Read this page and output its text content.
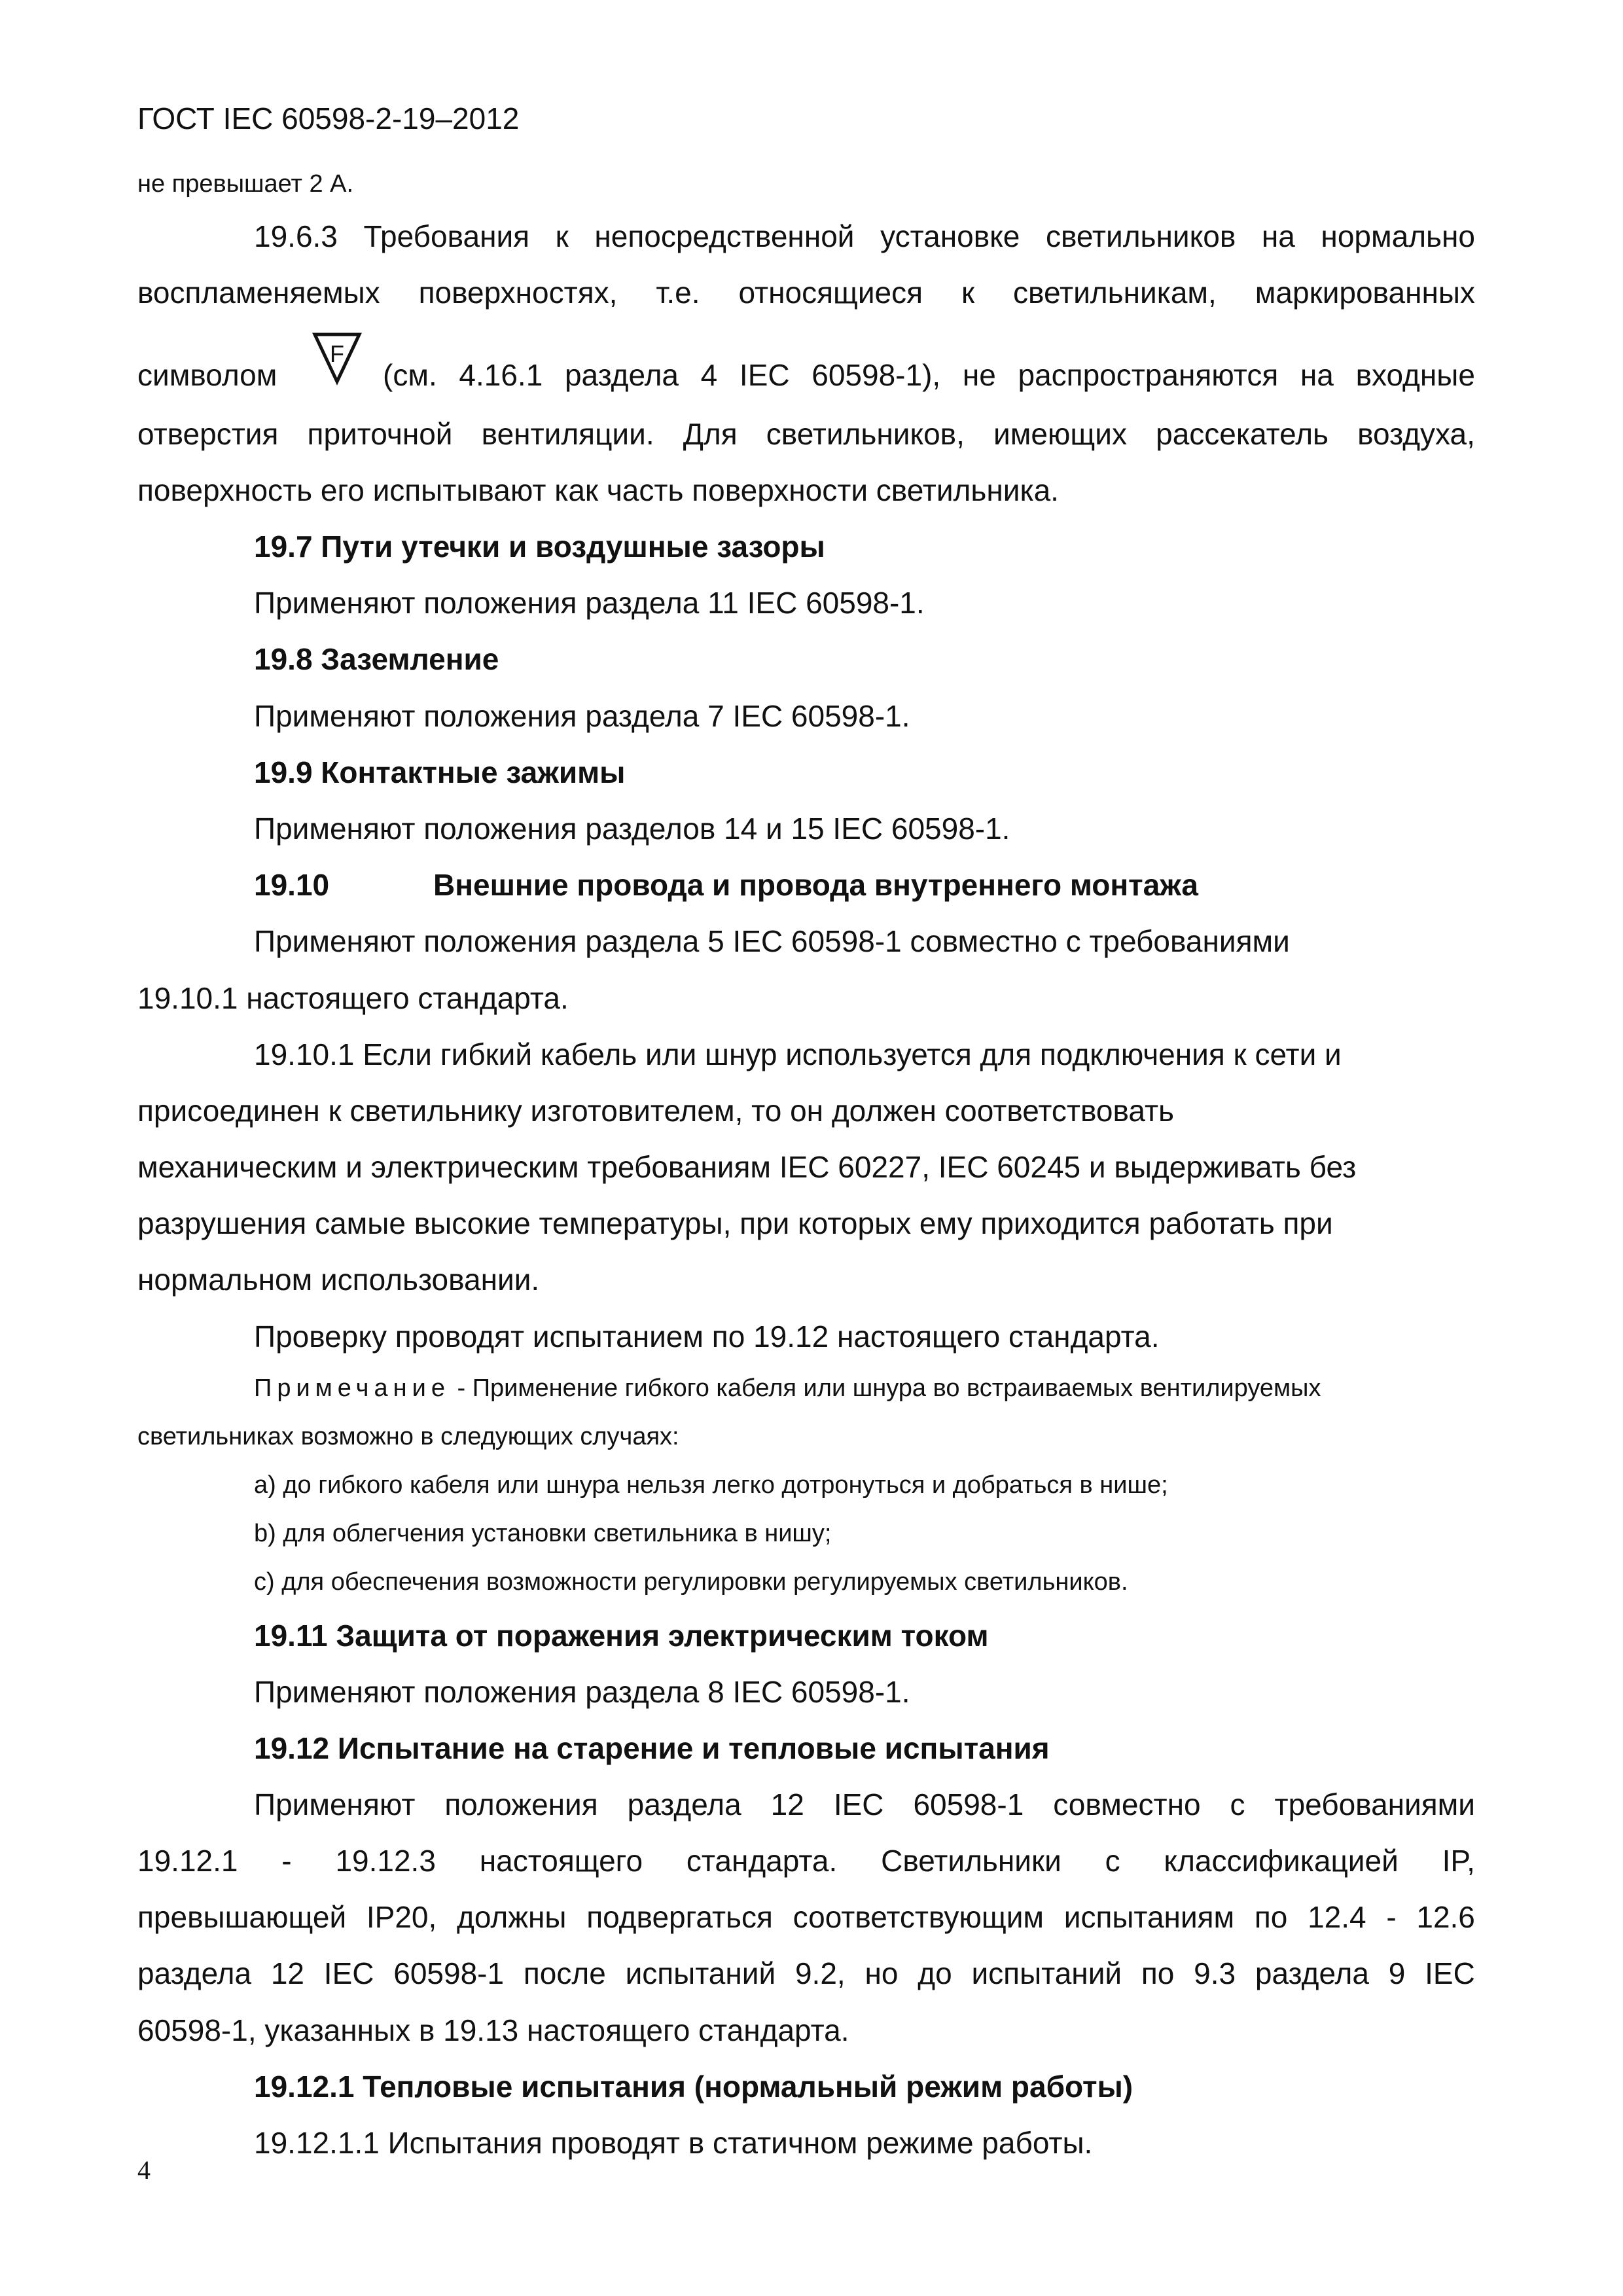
ГОСТ IEC 60598-2-19–2012
не превышает 2 А.
19.6.3 Требования к непосредственной установке светильников на нормально
воспламеняемых поверхностях, т.е. относящиеся к светильникам, маркированных
символом
F
(см. 4.16.1 раздела 4 IEC 60598-1), не распространяются на входные
отверстия приточной вентиляции. Для светильников, имеющих рассекатель воздуха,
поверхность его испытывают как часть поверхности светильника.
19.7 Пути утечки и воздушные зазоры
Применяют положения раздела 11 IEC 60598-1.
19.8 Заземление
Применяют положения раздела 7 IEC 60598-1.
19.9 Контактные зажимы
Применяют положения разделов 14 и 15 IEC 60598-1.
19.10	Внешние провода и провода внутреннего монтажа
Применяют положения раздела 5 IEC 60598-1 совместно с требованиями
19.10.1 настоящего стандарта.
19.10.1 Если гибкий кабель или шнур используется для подключения к сети и
присоединен к светильнику изготовителем, то он должен соответствовать
механическим и электрическим требованиям IEC 60227, IEC 60245 и выдерживать без
разрушения самые высокие температуры, при которых ему приходится работать при
нормальном использовании.
Проверку проводят испытанием по 19.12 настоящего стандарта.
Примечание - Применение гибкого кабеля или шнура во встраиваемых вентилируемых
светильниках возможно в следующих случаях:
a) до гибкого кабеля или шнура нельзя легко дотронуться и добраться в нише;
b) для облегчения установки светильника в нишу;
c) для обеспечения возможности регулировки регулируемых светильников.
19.11 Защита от поражения электрическим током
Применяют положения раздела 8 IEC 60598-1.
19.12 Испытание на старение и тепловые испытания
Применяют положения раздела 12 IEC 60598-1 совместно с требованиями
19.12.1 - 19.12.3 настоящего стандарта. Светильники с классификацией IP,
превышающей IP20, должны подвергаться соответствующим испытаниям по 12.4 - 12.6
раздела 12 IEC 60598-1 после испытаний 9.2, но до испытаний по 9.3 раздела 9 IEC
60598-1, указанных в 19.13 настоящего стандарта.
19.12.1 Тепловые испытания (нормальный режим работы)
19.12.1.1 Испытания проводят в статичном режиме работы.
4
